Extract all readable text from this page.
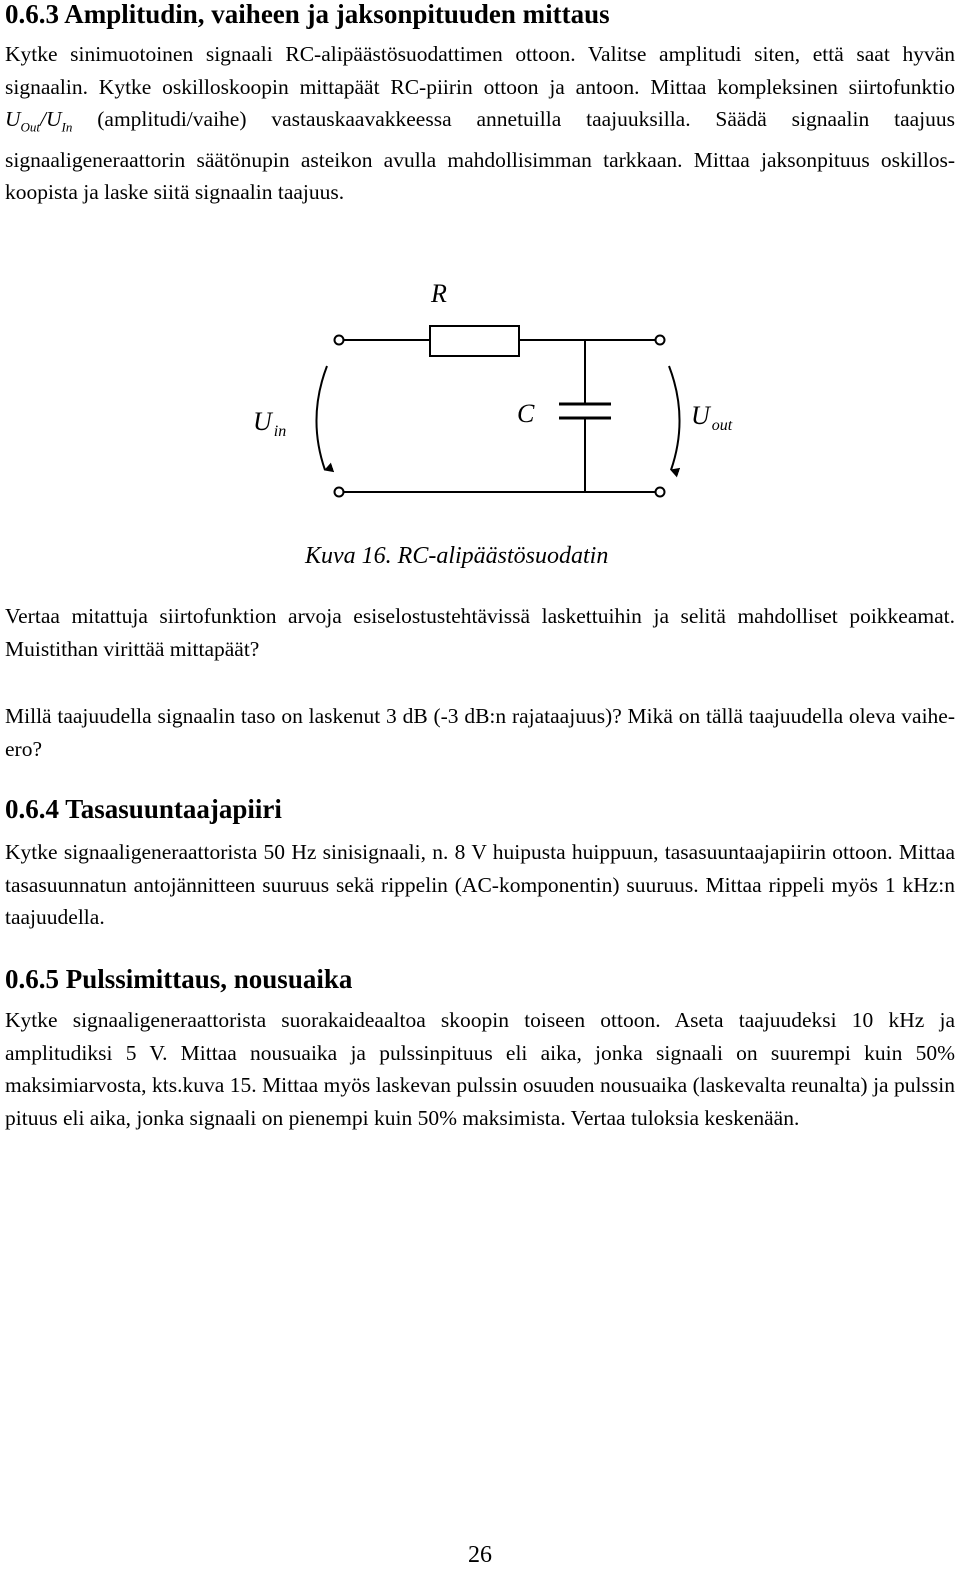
0.6.3 Amplitudin, vaiheen ja jaksonpituuden mittaus

Kytke sinimuotoinen signaali RC-alipäästösuodattimen ottoon. Valitse amplitudi siten, että saat hyvän signaalin. Kytke oskilloskoopin mittapäät RC-piirin ottoon ja antoon. Mittaa kompleksinen siirtofunktio $U_{Out}/U_{In}$ (amplitudi/vaihe) vastauskaavakkeessa annetuilla taajuuksilla. Säädä signaalin taajuus signaaligeneraattorin säätönupin asteikon avulla mahdollisimman tarkkaan. Mittaa jaksonpituus oskilloskoopista ja laske siitä signaalin taajuus.

R
C
U $_{in}$
U $_{out}$
Kuva 16. RC-alipäästösuodatin

Vertaa mitattuja siirtofunktion arvoja esiselostustehtävissä laskettuihin ja selitä mahdolliset poikkeamat. Muistithan virittää mittapäät?

Millä taajuudella signaalin taso on laskenut 3 dB (-3 dB:n rajataajuus)? Mikä on tällä taajuudella oleva vaihe-ero?

0.6.4 Tasasuuntaajapiiri

Kytke signaaligeneraattorista 50 Hz sinisignaali, n. 8 V huipusta huippuun, tasasuuntaajapiirin ottoon. Mittaa tasasuunnatun antojännitteen suuruus sekä rippelin (AC-komponentin) suuruus. Mittaa rippeli myös 1 kHz:n taajuudella.

0.6.5 Pulssimittaus, nousuaika

Kytke signaaligeneraattorista suorakaideaaltoa skoopin toiseen ottoon. Aseta taajuudeksi 10 kHz ja amplitudiksi 5 V. Mittaa nousuaika ja pulssinpituus eli aika, jonka signaali on suurempi kuin 50% maksimiarvosta, kts.kuva 15. Mittaa myös laskevan pulssin osuuden nousuaika (laskevalta reunalta) ja pulssin pituus eli aika, jonka signaali on pienempi kuin 50% maksimista. Vertaa tuloksia keskenään.

26
